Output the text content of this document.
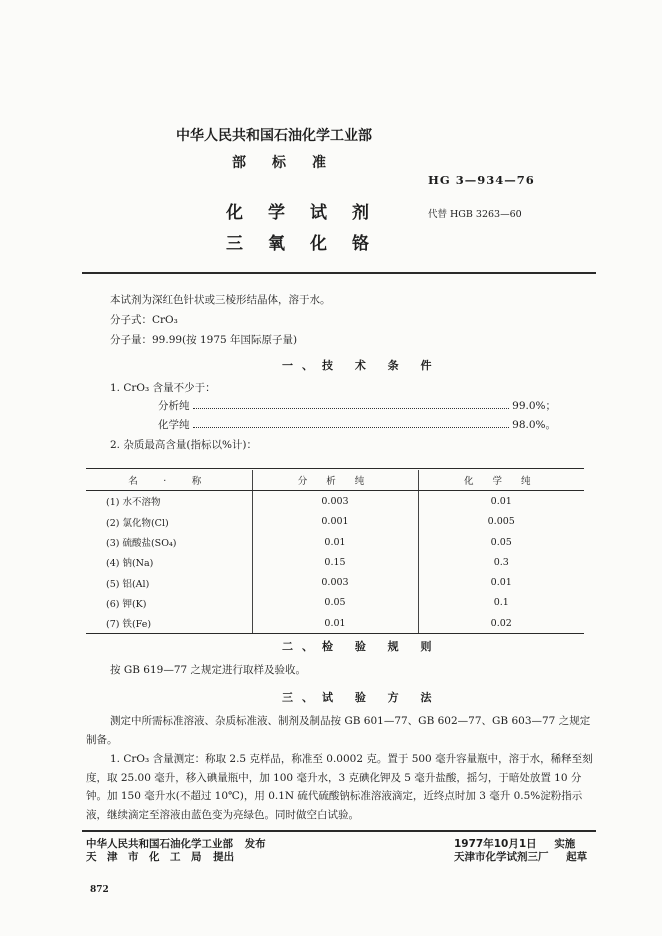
中华人民共和国石油化学工业部
部　标　准
HG 3—934—76
化　学　试　剂	代替 HGB 3263—60
三　氧　化　铬
本试剂为深红色针状或三棱形结晶体，溶于水。
分子式：CrO₃
分子量：99.99(按 1975 年国际原子量)
一、技 术 条 件
1. CrO₃ 含量不少于：
分析纯	99.0%；
化学纯	98.0%。
2. 杂质最高含量(指标以%计)：
名　·　称	分 析 纯	化 学 纯
(1) 水不溶物	0.003	0.01
(2) 氯化物(Cl)	0.001	0.005
(3) 硫酸盐(SO₄)	0.01	0.05
(4) 钠(Na)	0.15	0.3
(5) 铝(Al)	0.003	0.01
(6) 钾(K)	0.05	0.1
(7) 铁(Fe)	0.01	0.02
二、检 验 规 则
按 GB 619—77 之规定进行取样及验收。
三、试 验 方 法
测定中所需标准溶液、杂质标准液、制剂及制品按 GB 601—77、GB 602—77、GB 603—77 之规定制备。
1. CrO₃ 含量测定：称取 2.5 克样品，称准至 0.0002 克。置于 500 毫升容量瓶中，溶于水，稀释至刻度，取 25.00 毫升，移入碘量瓶中，加 100 毫升水，3 克碘化钾及 5 毫升盐酸，摇匀，于暗处放置 10 分钟。加 150 毫升水(不超过 10℃)，用 0.1N 硫代硫酸钠标准溶液滴定，近终点时加 3 毫升 0.5%淀粉指示液，继续滴定至溶液由蓝色变为亮绿色。同时做空白试验。
中华人民共和国石油化学工业部 发布
天　津　市　化　工　局 提出
1977年10月1日 实施
天津市化学试剂三厂 起草
872
